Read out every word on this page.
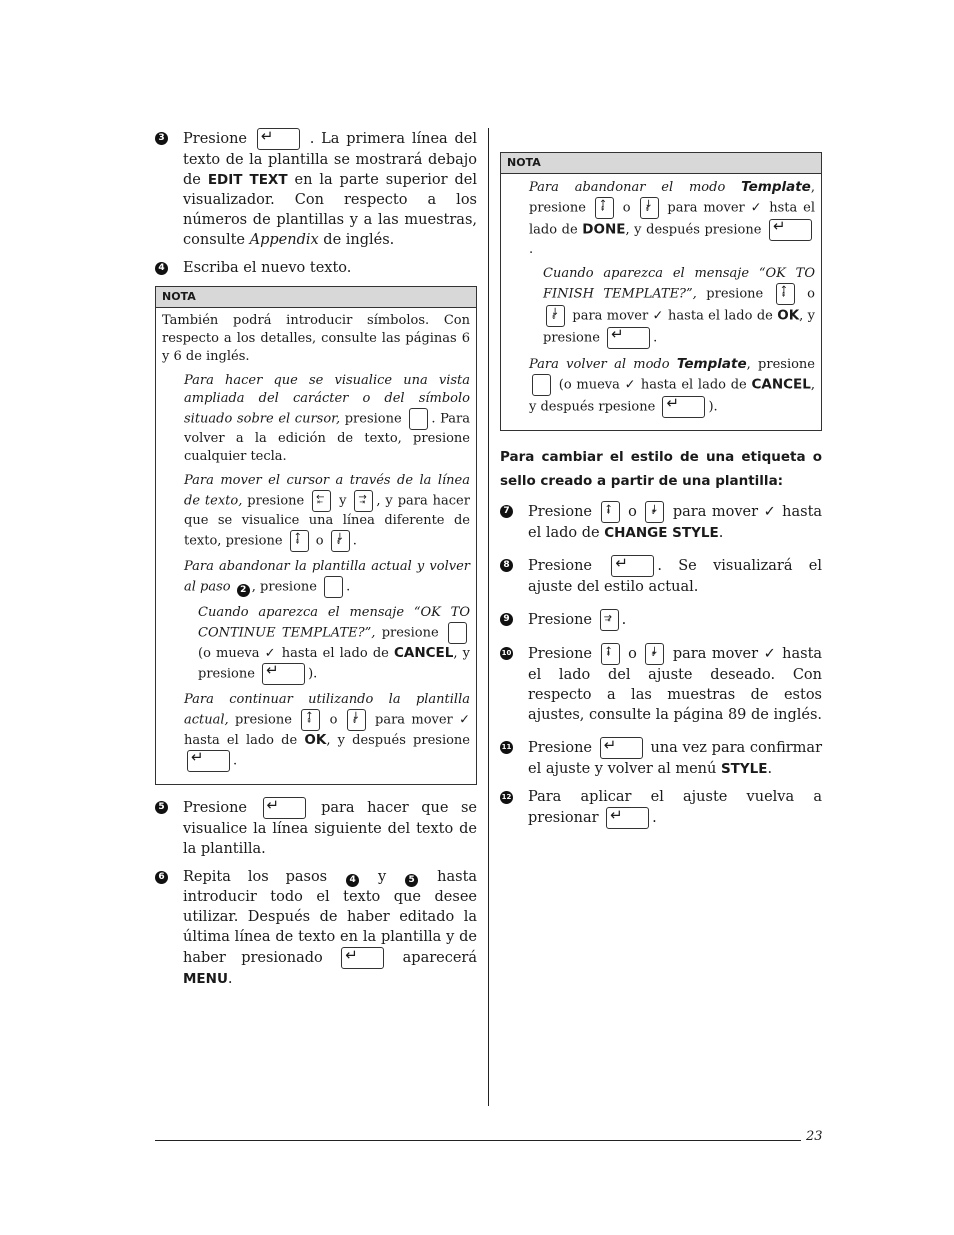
3 Presione ↵	. La primera línea del texto de la plantilla se mostrará debajo de EDIT TEXT en la parte superior del visualizador. Con respecto a los números de plantillas y a las muestras, consulte Appendix de inglés.
4 Escriba el nuevo texto.
NOTA

También podrá introducir símbolos. Con respecto a los detalles, consulte las páginas 6 y 6 de inglés.

Para hacer que se visualice una vista ampliada del carácter o del símbolo situado sobre el cursor, presione . Para volver a la edición de texto, presione cualquier tecla.

Para mover el cursor a través de la línea de texto, presione ← ⇤	y → ⇥ , y para hacer que se visualice una línea diferente de texto, presione ↑ ⇞	o ↓ ⇟ .

Para abandonar la plantilla actual y volver al paso 2 , presione .

Cuando aparezca el mensaje “OK TO CONTINUE TEMPLATE?”, presione  (o mueva ✓ hasta el lado de CANCEL, y presione ↵	).

Para continuar utilizando la plantilla actual, presione ↑ ⇞	o ↓ ⇟	para mover ✓ hasta el lado de OK, y después presione ↵.

5 Presione ↵	para hacer que se visualice la línea siguiente del texto de la plantilla.
6 Repita los pasos 4 y 5 hasta introducir todo el texto que desee utilizar. Después de haber editado la última línea de texto en la plantilla y de haber presionado ↵	aparecerá MENU.
NOTA

Para abandonar el modo Template, presione ↑ ⇞	o ↓ ⇟	para mover ✓ hsta el lado de DONE, y después presione ↵.

Cuando aparezca el mensaje “OK TO FINISH TEMPLATE?”, presione ↑ ⇞	o ↓ ⇟ para mover ✓ hasta el lado de OK, y presione ↵	.

Para volver al modo Template, presione  (o mueva ✓ hasta el lado de CANCEL, y después rpesione ↵	).

Para cambiar el estilo de una etiqueta o sello creado a partir de una plantilla:
7 Presione ↑ ⇞ o ↓ ⇟ para mover ✓ hasta el lado de CHANGE STYLE.
8 Presione ↵	. Se visualizará el ajuste del estilo actual.
9 Presione → ⇥ .
10 Presione ↑ ⇞ o ↓ ⇟ para mover ✓ hasta el lado del ajuste deseado. Con respecto a las muestras de estos ajustes, consulte la página 89 de inglés.
11 Presione ↵	una vez para confirmar el ajuste y volver al menú STYLE.
12 Para aplicar el ajuste vuelva a presionar ↵	.
23
